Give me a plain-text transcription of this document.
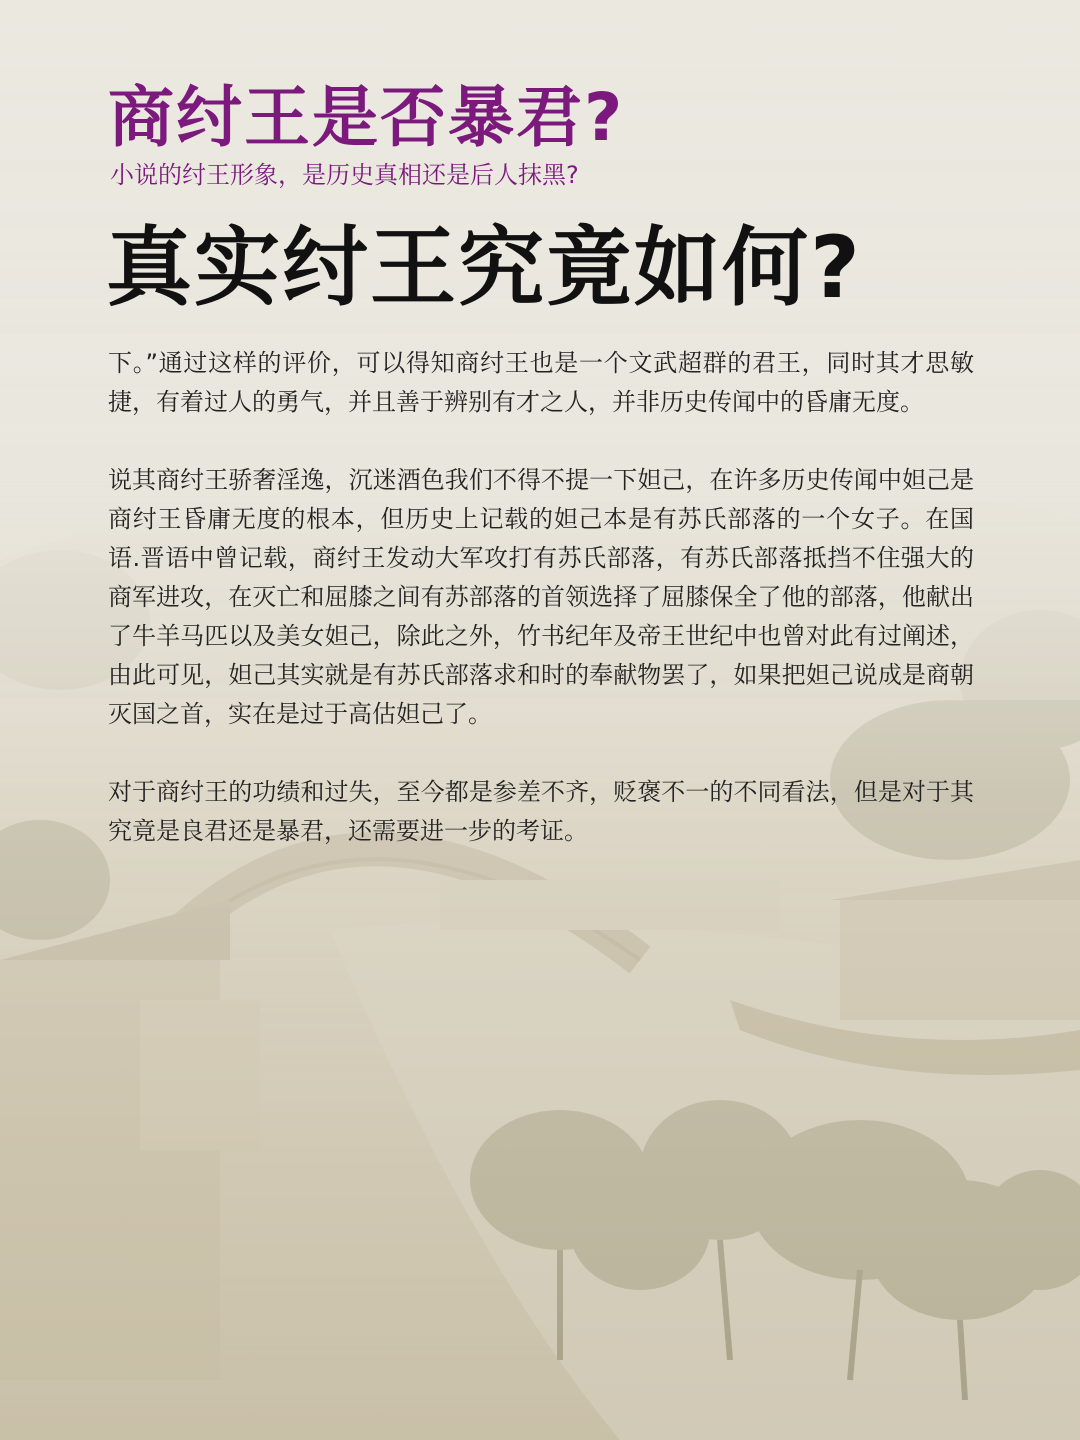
商纣王是否暴君?
小说的纣王形象，是历史真相还是后人抹黑?
真实纣王究竟如何?

下。”通过这样的评价，可以得知商纣王也是一个文武超群的君王，同时其才思敏捷，有着过人的勇气，并且善于辨别有才之人，并非历史传闻中的昏庸无度。

说其商纣王骄奢淫逸，沉迷酒色我们不得不提一下妲己，在许多历史传闻中妲己是商纣王昏庸无度的根本，但历史上记载的妲己本是有苏氏部落的一个女子。在国语.晋语中曾记载，商纣王发动大军攻打有苏氏部落，有苏氏部落抵挡不住强大的商军进攻，在灭亡和屈膝之间有苏部落的首领选择了屈膝保全了他的部落，他献出了牛羊马匹以及美女妲己，除此之外，竹书纪年及帝王世纪中也曾对此有过阐述，由此可见，妲己其实就是有苏氏部落求和时的奉献物罢了，如果把妲己说成是商朝灭国之首，实在是过于高估妲己了。

对于商纣王的功绩和过失，至今都是参差不齐，贬褒不一的不同看法，但是对于其究竟是良君还是暴君，还需要进一步的考证。
